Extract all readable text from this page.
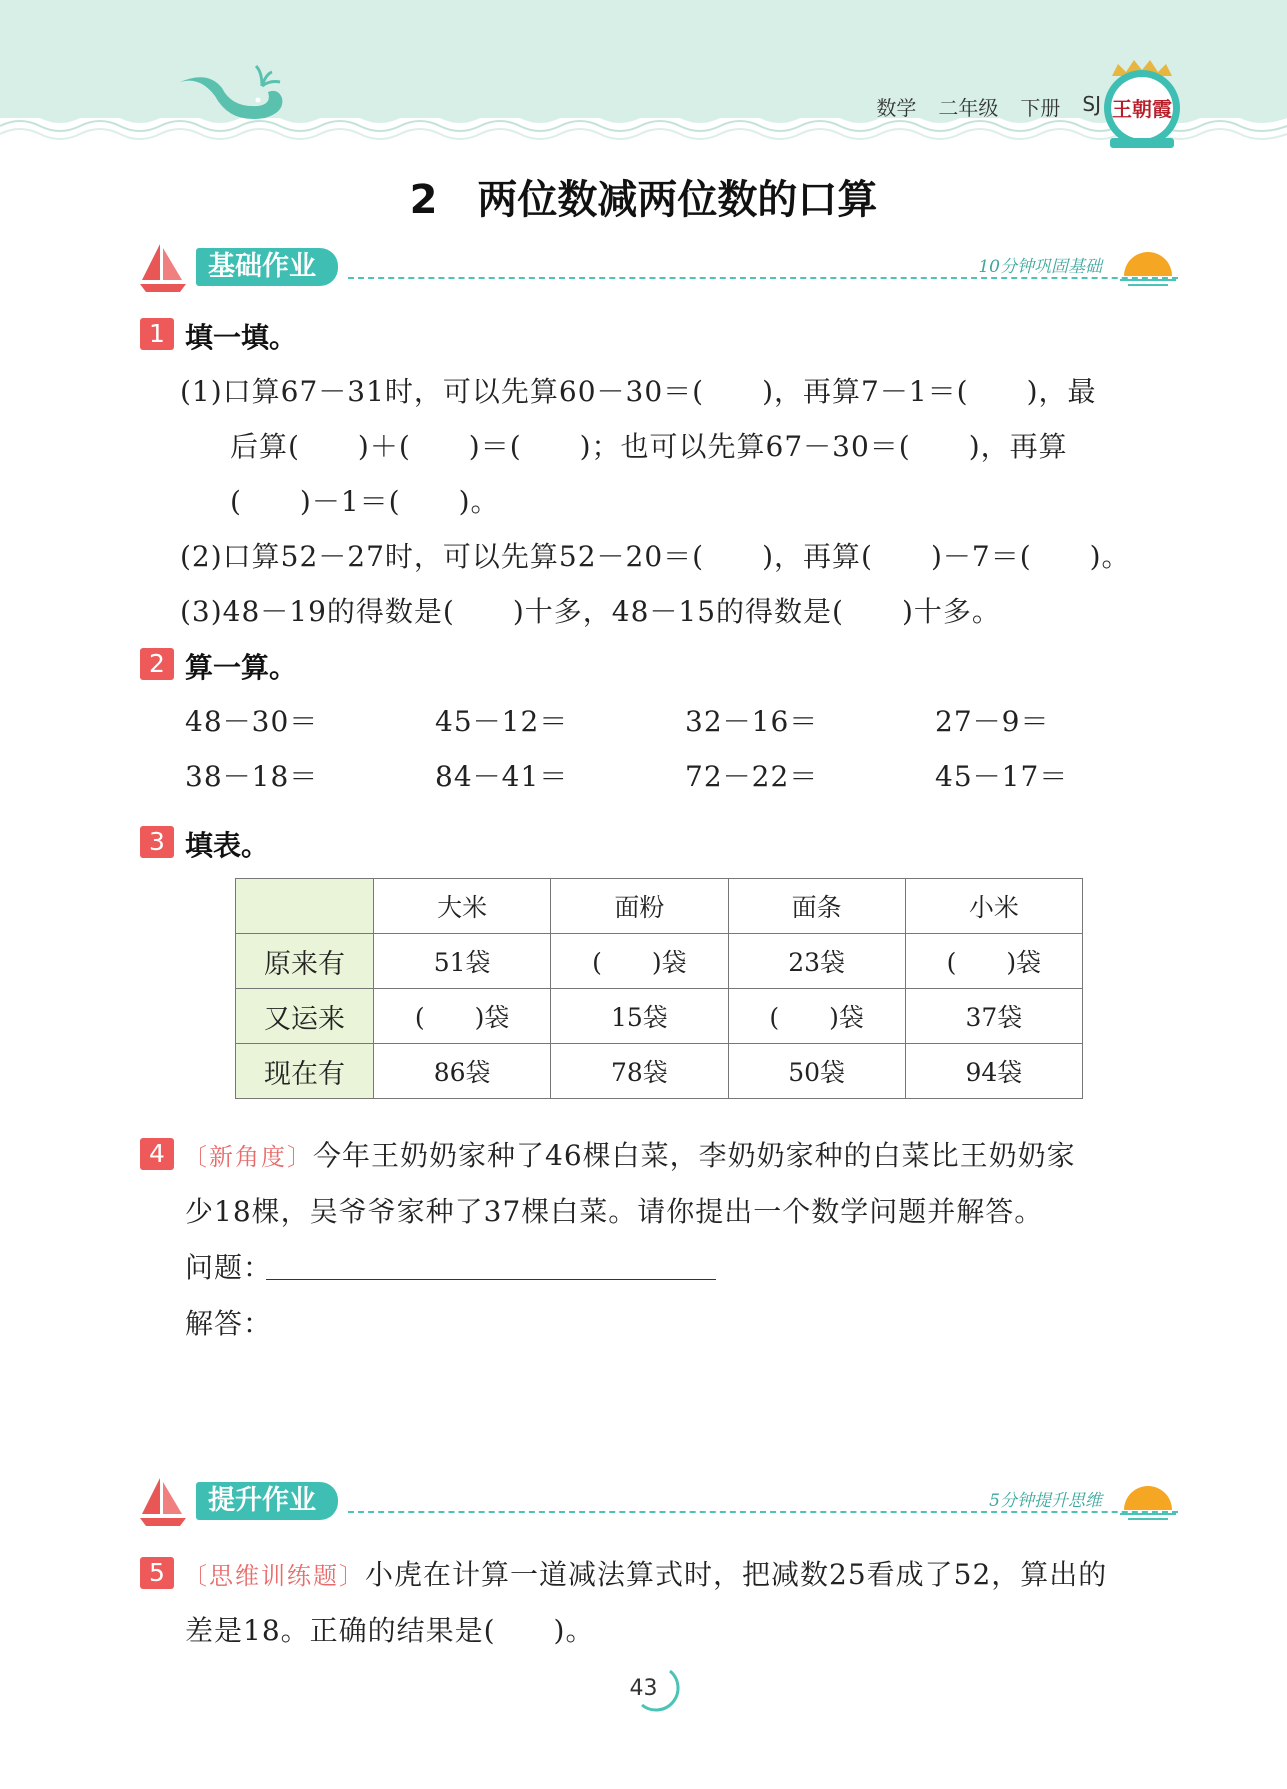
数学 二年级 下册 SJ 王朝霞
2　两位数减两位数的口算
基础作业	10分钟巩固基础
1 填一填。
(1)口算67－31时，可以先算60－30＝(　　)，再算7－1＝(　　)，最
后算(　　)＋(　　)＝(　　)；也可以先算67－30＝(　　)，再算
(　　)－1＝(　　)。
(2)口算52－27时，可以先算52－20＝(　　)，再算(　　)－7＝(　　)。
(3)48－19的得数是(　　)十多，48－15的得数是(　　)十多。
2 算一算。
48－30＝	45－12＝	32－16＝	27－9＝
38－18＝	84－41＝	72－22＝	45－17＝
3 填表。
	大米	面粉	面条	小米
原来有	51袋	(　　)袋	23袋	(　　)袋
又运来	(　　)袋	15袋	(　　)袋	37袋
现在有	86袋	78袋	50袋	94袋
4 〔新角度〕今年王奶奶家种了46棵白菜，李奶奶家种的白菜比王奶奶家
少18棵，吴爷爷家种了37棵白菜。请你提出一个数学问题并解答。
问题：
解答：
提升作业	5分钟提升思维
5 〔思维训练题〕小虎在计算一道减法算式时，把减数25看成了52，算出的
差是18。正确的结果是(　　)。
43
